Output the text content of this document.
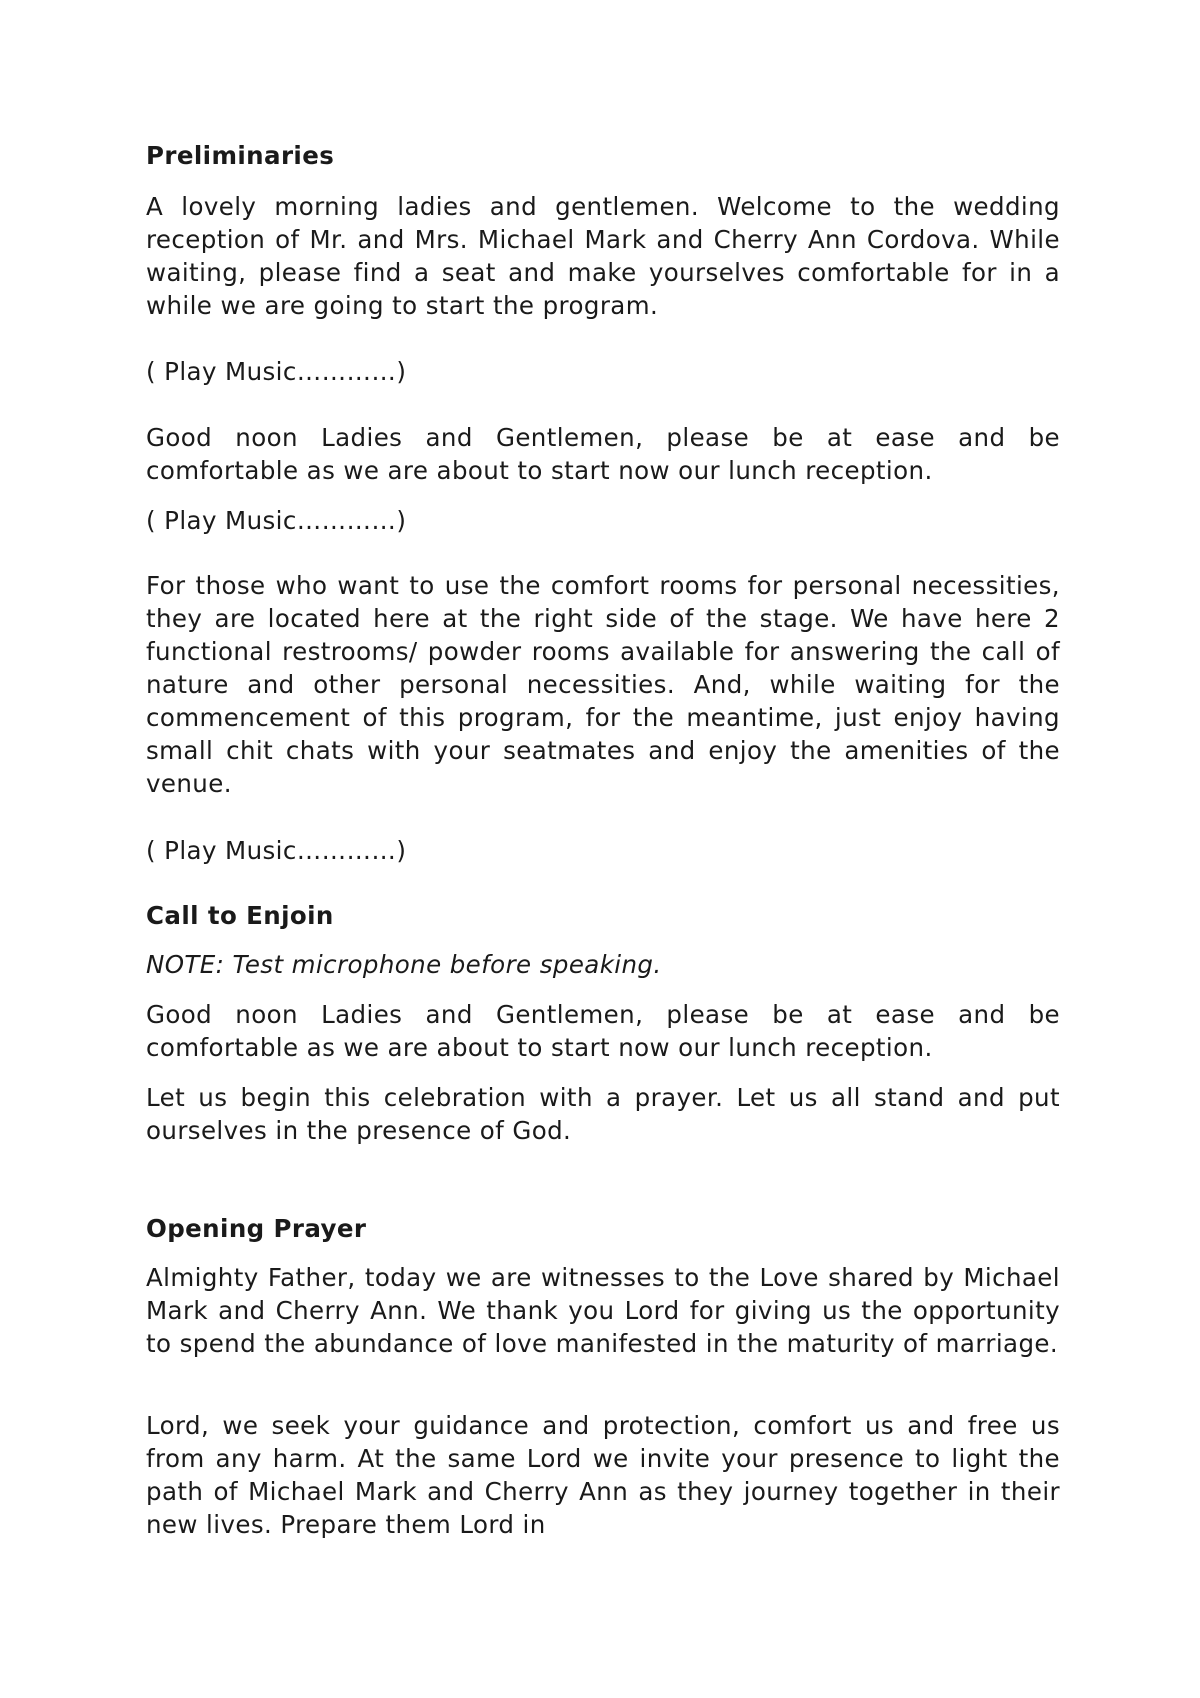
Preliminaries

A lovely morning ladies and gentlemen. Welcome to the wedding reception of Mr. and Mrs. Michael Mark and Cherry Ann Cordova. While waiting, please find a seat and make yourselves comfortable for in a while we are going to start the program.

( Play Music…………)

Good noon Ladies and Gentlemen, please be at ease and be comfortable as we are about to start now our lunch reception.

( Play Music…………)

For those who want to use the comfort rooms for personal necessities, they are located here at the right side of the stage. We have here 2 functional restrooms/ powder rooms available for answering the call of nature and other personal necessities. And, while waiting for the commencement of this program, for the meantime, just enjoy having small chit chats with your seatmates and enjoy the amenities of the venue.

( Play Music…………)

Call to Enjoin

NOTE: Test microphone before speaking.

Good noon Ladies and Gentlemen, please be at ease and be comfortable as we are about to start now our lunch reception.

Let us begin this celebration with a prayer. Let us all stand and put ourselves in the presence of God.

Opening Prayer

Almighty Father, today we are witnesses to the Love shared by Michael Mark and Cherry Ann. We thank you Lord for giving us the opportunity to spend the abundance of love manifested in the maturity of marriage.

Lord, we seek your guidance and protection, comfort us and free us from any harm. At the same Lord we invite your presence to light the path of Michael Mark and Cherry Ann as they journey together in their new lives. Prepare them Lord in
